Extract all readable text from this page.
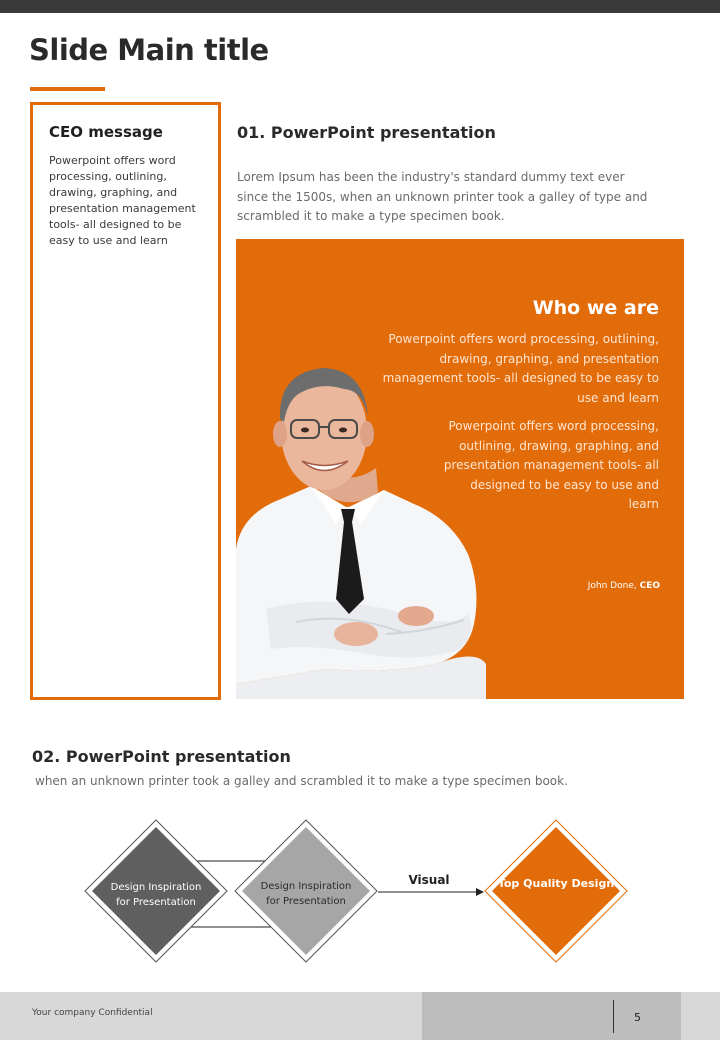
Slide Main title
CEO message
Powerpoint offers word processing, outlining, drawing, graphing, and presentation management tools- all designed to be easy to use and learn
01. PowerPoint presentation
Lorem Ipsum has been the industry's standard dummy text ever since the 1500s, when an unknown printer took a galley of type and scrambled it to make a type specimen book.
Who we are
Powerpoint offers word processing, outlining, drawing, graphing, and presentation management tools- all designed to be easy to use and learn
Powerpoint offers word processing, outlining, drawing, graphing, and presentation management tools- all designed to be easy to use and learn
John Done, CEO
02. PowerPoint presentation
when an unknown printer took a galley and scrambled it to make a type specimen book.
Design Inspiration
for Presentation
Design Inspiration
for Presentation
Visual	Top Quality Design
Your company Confidential	5
